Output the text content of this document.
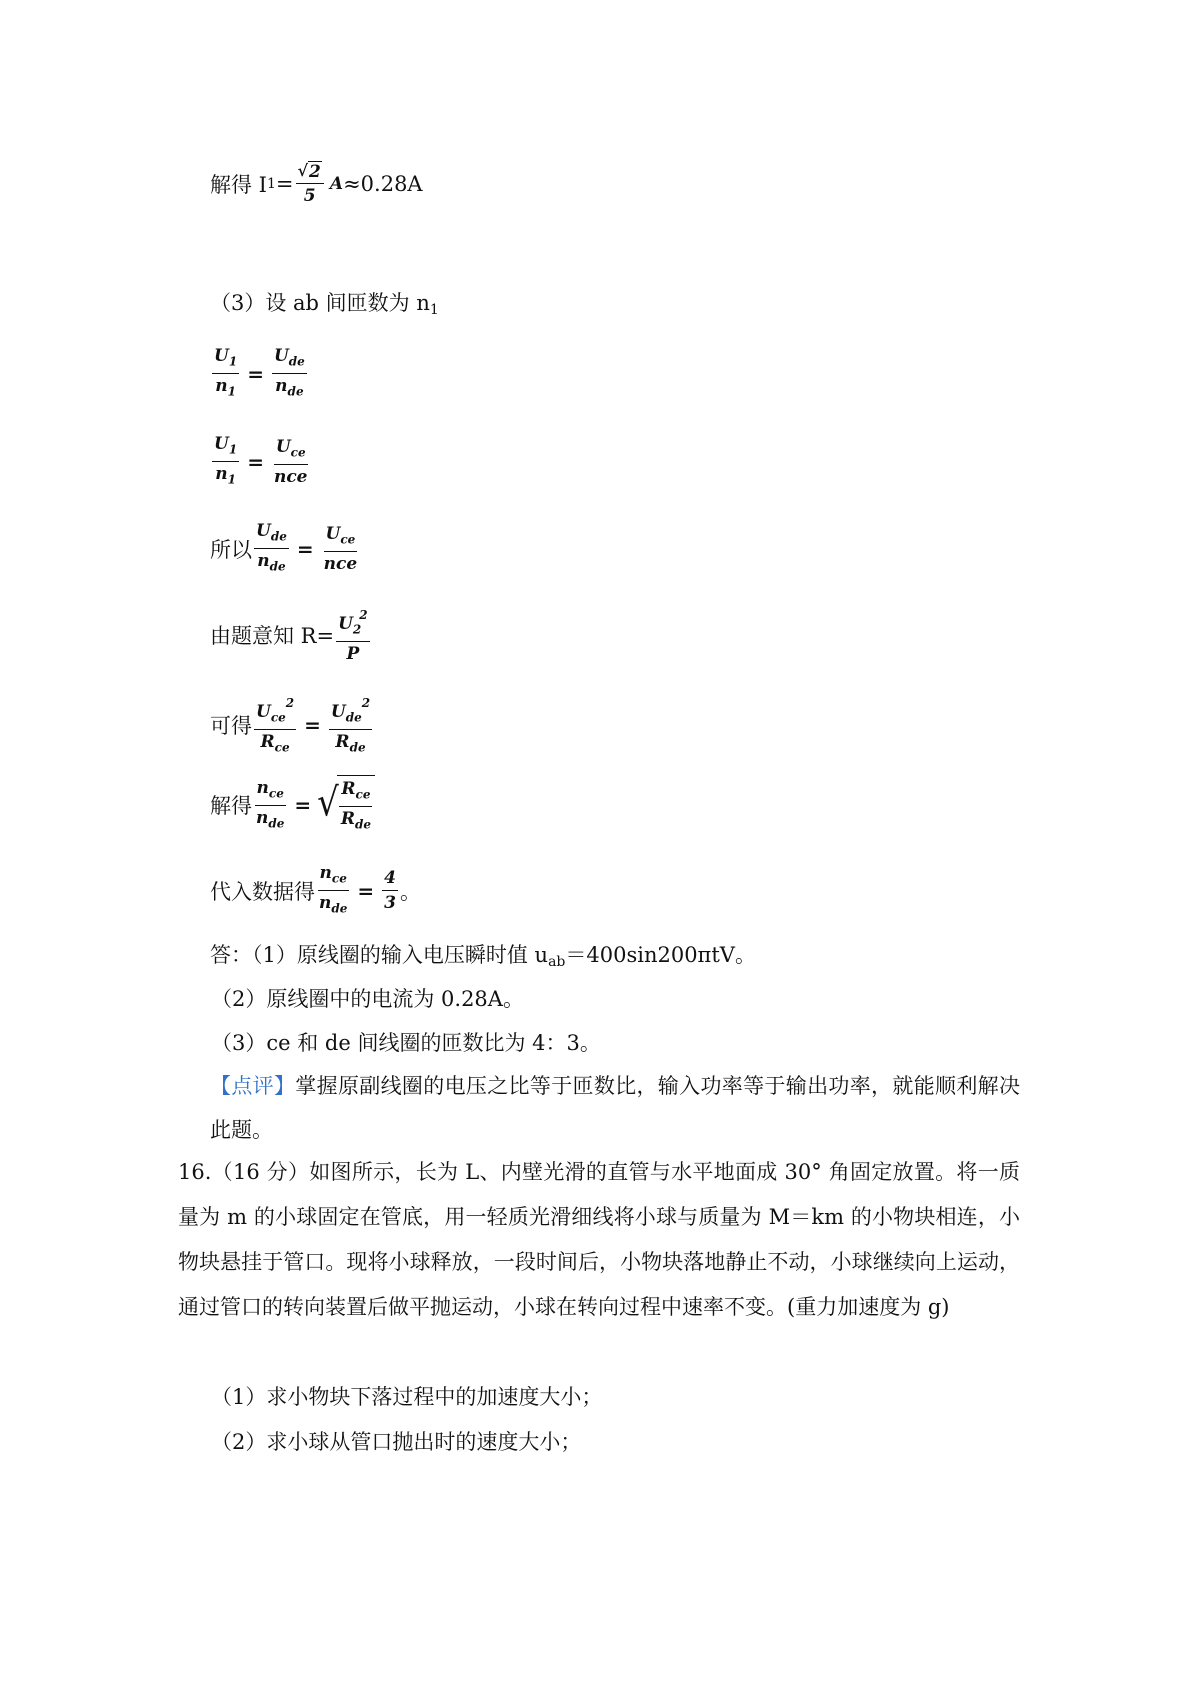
解得 I $1 = \frac{√ 2}{5}$ A ≈0.28A
（3）设 ab 间匝数为 $n_1$
$\frac{U_1}{n_1} = \frac{U_{de}}{n_{de}}$
$\frac{U_1}{n_1} = \frac{U_{ce}}{\text{nce}}$
所以 $\frac{U_{de}}{n_{de}} = \frac{U_{ce}}{\text{nce}}$
由题意知 $R= \frac{U_2^2}{P}$
可得 $\frac{U_{ce}^2}{R_{ce}} = \frac{U_{de}^2}{R_{de}}$
解得 $\frac{n_{ce}}{n_{de}}$ = √ $\frac{R_{ce}}{R_{de}}$
代入数据得 $\frac{n_{ce}}{n_{de}} = \frac{4}{3}$ 。
答：（1）原线圈的输入电压瞬时值 $u_{ab}=400\sin 200\pi tV$。
（2）原线圈中的电流为 0.28A。
（3）ce 和 de 间线圈的匝数比为 4：3。
【点评】掌握原副线圈的电压之比等于匝数比，输入功率等于输出功率，就能顺利解决此题。
16.（16 分）如图所示，长为 L、内壁光滑的直管与水平地面成 30° 角固定放置。将一质量为 m 的小球固定在管底，用一轻质光滑细线将小球与质量为 M＝km 的小物块相连，小物块悬挂于管口。现将小球释放，一段时间后，小物块落地静止不动，小球继续向上运动，通过管口的转向装置后做平抛运动，小球在转向过程中速率不变。(重力加速度为 g)
（1）求小物块下落过程中的加速度大小；
（2）求小球从管口抛出时的速度大小；
